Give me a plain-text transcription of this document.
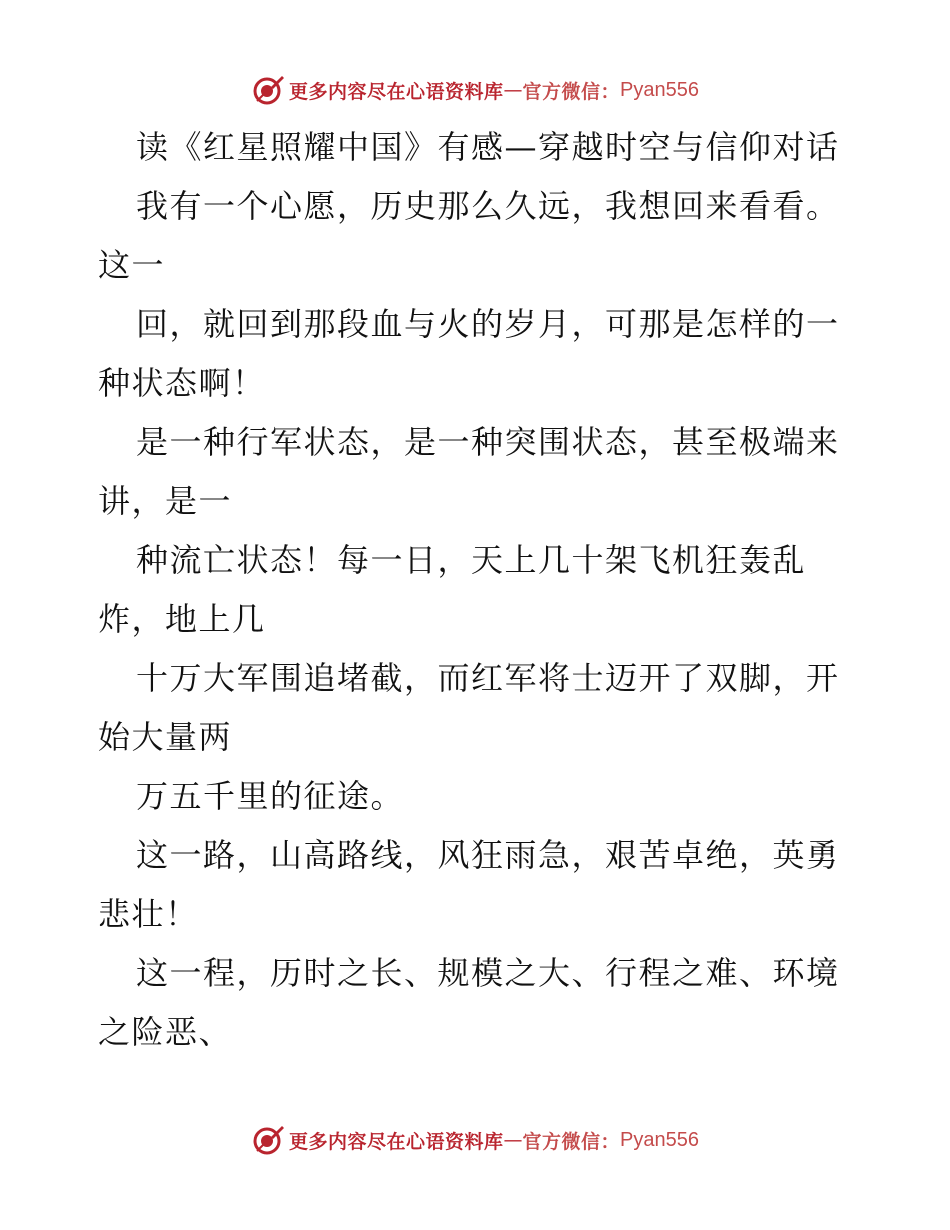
更多内容尽在心语资料库 — 官方微信： Pyan556
读《红星照耀中国》有感—穿越时空与信仰对话
我有一个心愿，历史那么久远，我想回来看看。
这一
回，就回到那段血与火的岁月，可那是怎样的一
种状态啊！
是一种行军状态，是一种突围状态，甚至极端来
讲，是一
种流亡状态！每一日，天上几十架飞机狂轰乱
炸，地上几
十万大军围追堵截，而红军将士迈开了双脚，开
始大量两
万五千里的征途。
这一路，山高路线，风狂雨急，艰苦卓绝，英勇
悲壮！
这一程，历时之长、规模之大、行程之难、环境
之险恶、
更多内容尽在心语资料库 — 官方微信： Pyan556
